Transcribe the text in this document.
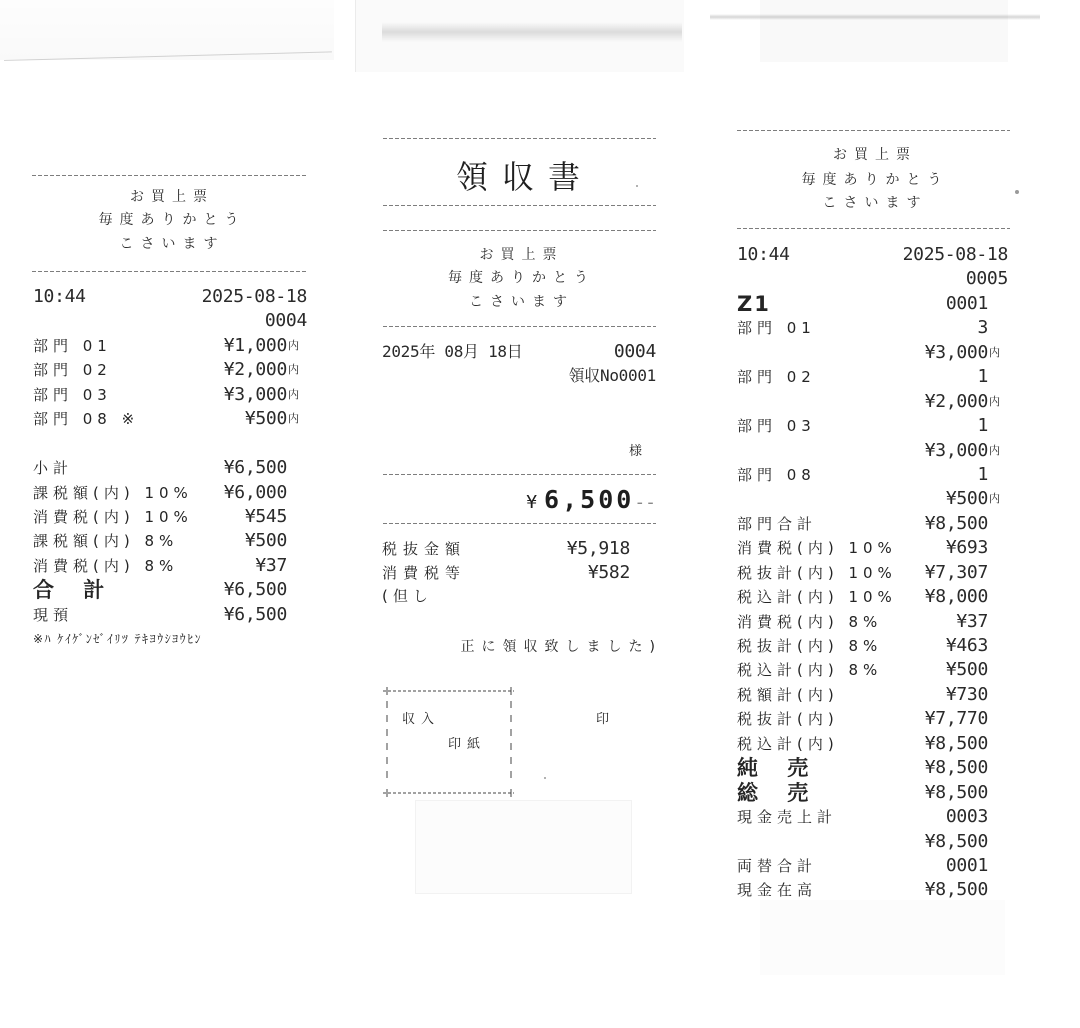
お買上票
毎度ありかとう
こさいます
10:44	2025-08-18
0004
部門 01	¥1,000 内
部門 02	¥2,000 内
部門 03	¥3,000 内
部門 08 ※	¥500 内
小計	¥6,500
課税額(内) 10% ¥6,000
消費税(内) 10%	¥545
課税額(内) 8%	¥500
消費税(内) 8%	¥37
合 計	¥6,500
現預	¥6,500
※ﾊ ｹｲｹﾞﾝｾﾞｲﾘﾂ ﾃｷﾖｳｼﾖｳﾋﾝ
領収書
お買上票
毎度ありかとう
こさいます
2025年 08月 18日	0004
領収No0001
様
¥6,500--
税抜金額	¥5,918
消費税等	¥582
(但し
正に領収致しました)
収入
印紙
印
お買上票
毎度ありかとう
こさいます
10:44	2025-08-18
0005
Z1	0001
部門 01	3
¥3,000 内
部門 02	1
¥2,000 内
部門 03	1
¥3,000 内
部門 08	1
¥500 内
部門合計	¥8,500
消費税(内) 10%	¥693
税抜計(内) 10% ¥7,307
税込計(内) 10% ¥8,000
消費税(内) 8%	¥37
税抜計(内) 8%	¥463
税込計(内) 8%	¥500
税額計(内)	¥730
税抜計(内)	¥7,770
税込計(内)	¥8,500
純 売	¥8,500
総 売	¥8,500
現金売上計	0003
¥8,500
両替合計	0001
現金在高	¥8,500
